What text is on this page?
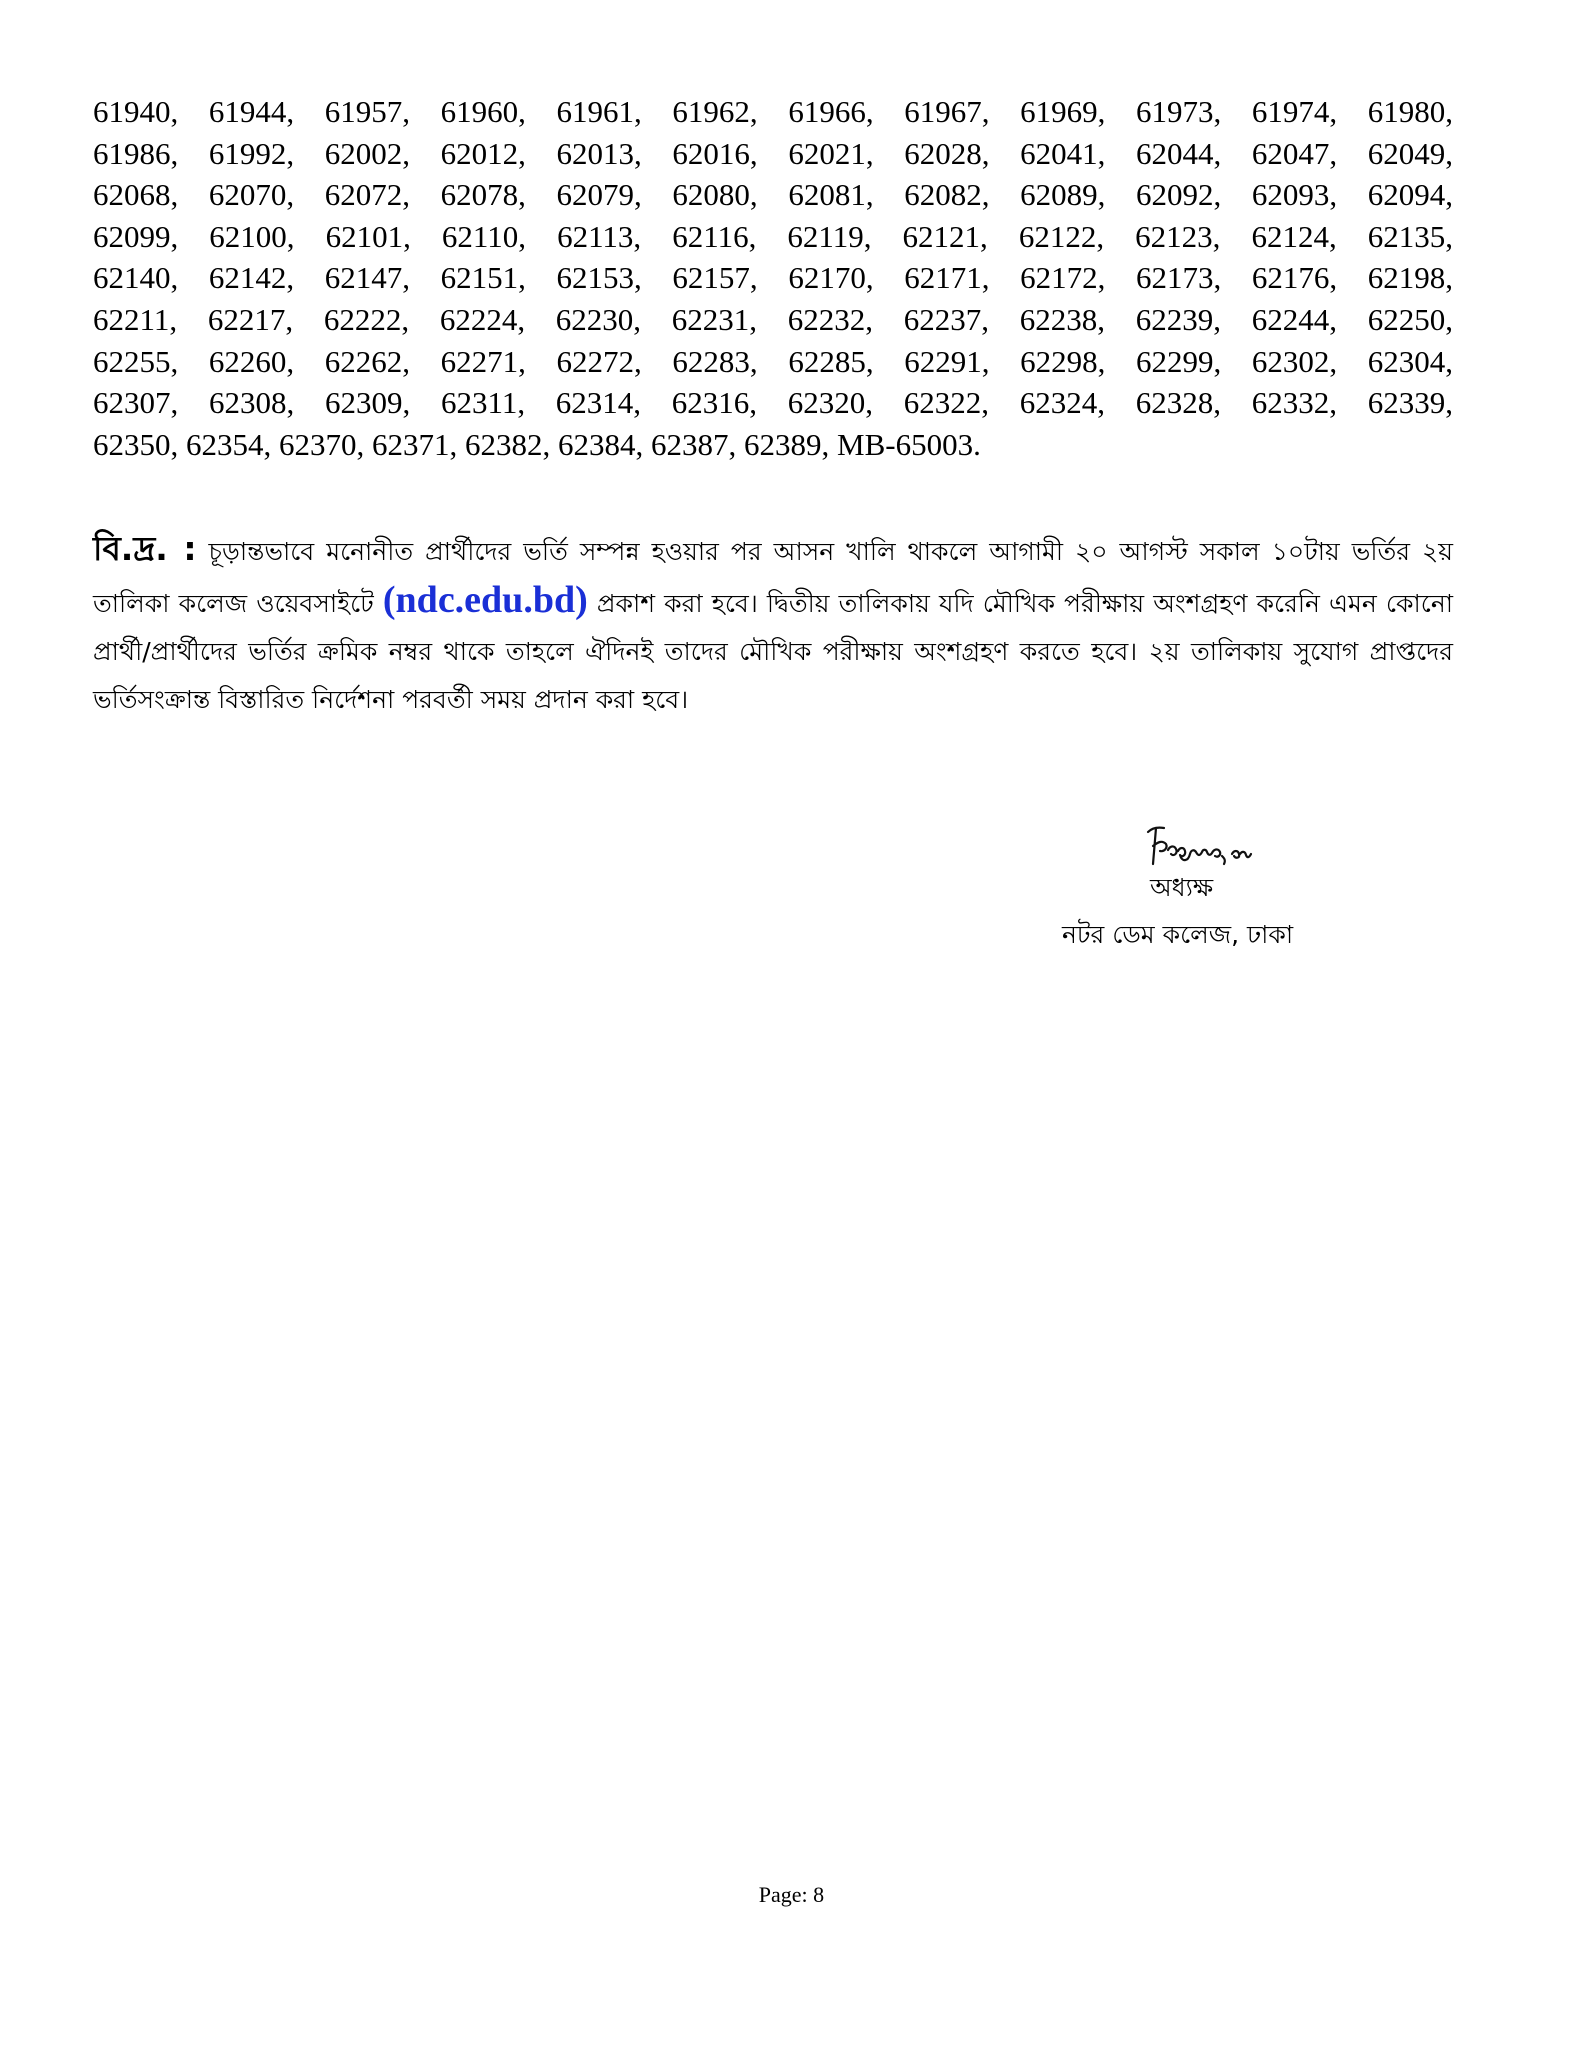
61940, 61944, 61957, 61960, 61961, 61962, 61966, 61967, 61969, 61973, 61974, 61980,
61986, 61992, 62002, 62012, 62013, 62016, 62021, 62028, 62041, 62044, 62047, 62049,
62068, 62070, 62072, 62078, 62079, 62080, 62081, 62082, 62089, 62092, 62093, 62094,
62099, 62100, 62101, 62110, 62113, 62116, 62119, 62121, 62122, 62123, 62124, 62135,
62140, 62142, 62147, 62151, 62153, 62157, 62170, 62171, 62172, 62173, 62176, 62198,
62211, 62217, 62222, 62224, 62230, 62231, 62232, 62237, 62238, 62239, 62244, 62250,
62255, 62260, 62262, 62271, 62272, 62283, 62285, 62291, 62298, 62299, 62302, 62304,
62307, 62308, 62309, 62311, 62314, 62316, 62320, 62322, 62324, 62328, 62332, 62339,
62350, 62354, 62370, 62371, 62382, 62384, 62387, 62389, MB-65003.

বি.দ্র. : চূড়ান্তভাবে মনোনীত প্রার্থীদের ভর্তি সম্পন্ন হওয়ার পর আসন খালি থাকলে আগামী ২০ আগস্ট সকাল ১০টায় ভর্তির ২য় তালিকা কলেজ ওয়েবসাইটে (ndc.edu.bd) প্রকাশ করা হবে। দ্বিতীয় তালিকায় যদি মৌখিক পরীক্ষায় অংশগ্রহণ করেনি এমন কোনো প্রার্থী/প্রার্থীদের ভর্তির ক্রমিক নম্বর থাকে তাহলে ঐদিনই তাদের মৌখিক পরীক্ষায় অংশগ্রহণ করতে হবে। ২য় তালিকায় সুযোগ প্রাপ্তদের ভর্তিসংক্রান্ত বিস্তারিত নির্দেশনা পরবর্তী সময় প্রদান করা হবে।

অধ্যক্ষ
নটর ডেম কলেজ, ঢাকা
Page: 8
